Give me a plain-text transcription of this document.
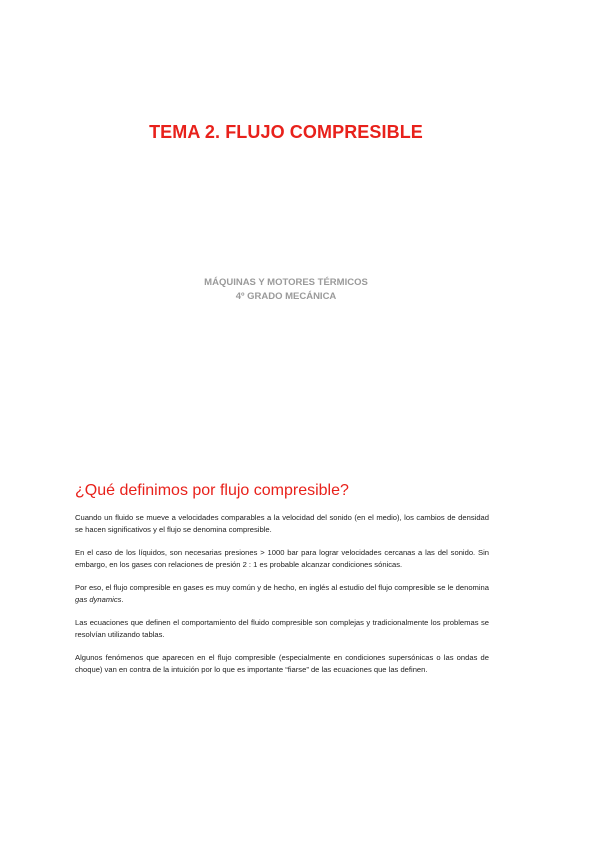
TEMA 2. FLUJO COMPRESIBLE
MÁQUINAS Y MOTORES TÉRMICOS
4º GRADO MECÁNICA
¿Qué definimos por flujo compresible?

Cuando un fluido se mueve a velocidades comparables a la velocidad del sonido (en el medio), los cambios de densidad se hacen significativos y el flujo se denomina compresible.

En el caso de los líquidos, son necesarias presiones > 1000 bar para lograr velocidades cercanas a las del sonido. Sin embargo, en los gases con relaciones de presión 2 : 1 es probable alcanzar condiciones sónicas.

Por eso, el flujo compresible en gases es muy común y de hecho, en inglés al estudio del flujo compresible se le denomina gas dynamics.

Las ecuaciones que definen el comportamiento del fluido compresible son complejas y tradicionalmente los problemas se resolvían utilizando tablas.

Algunos fenómenos que aparecen en el flujo compresible (especialmente en condiciones supersónicas o las ondas de choque) van en contra de la intuición por lo que es importante “fiarse” de las ecuaciones que las definen.
